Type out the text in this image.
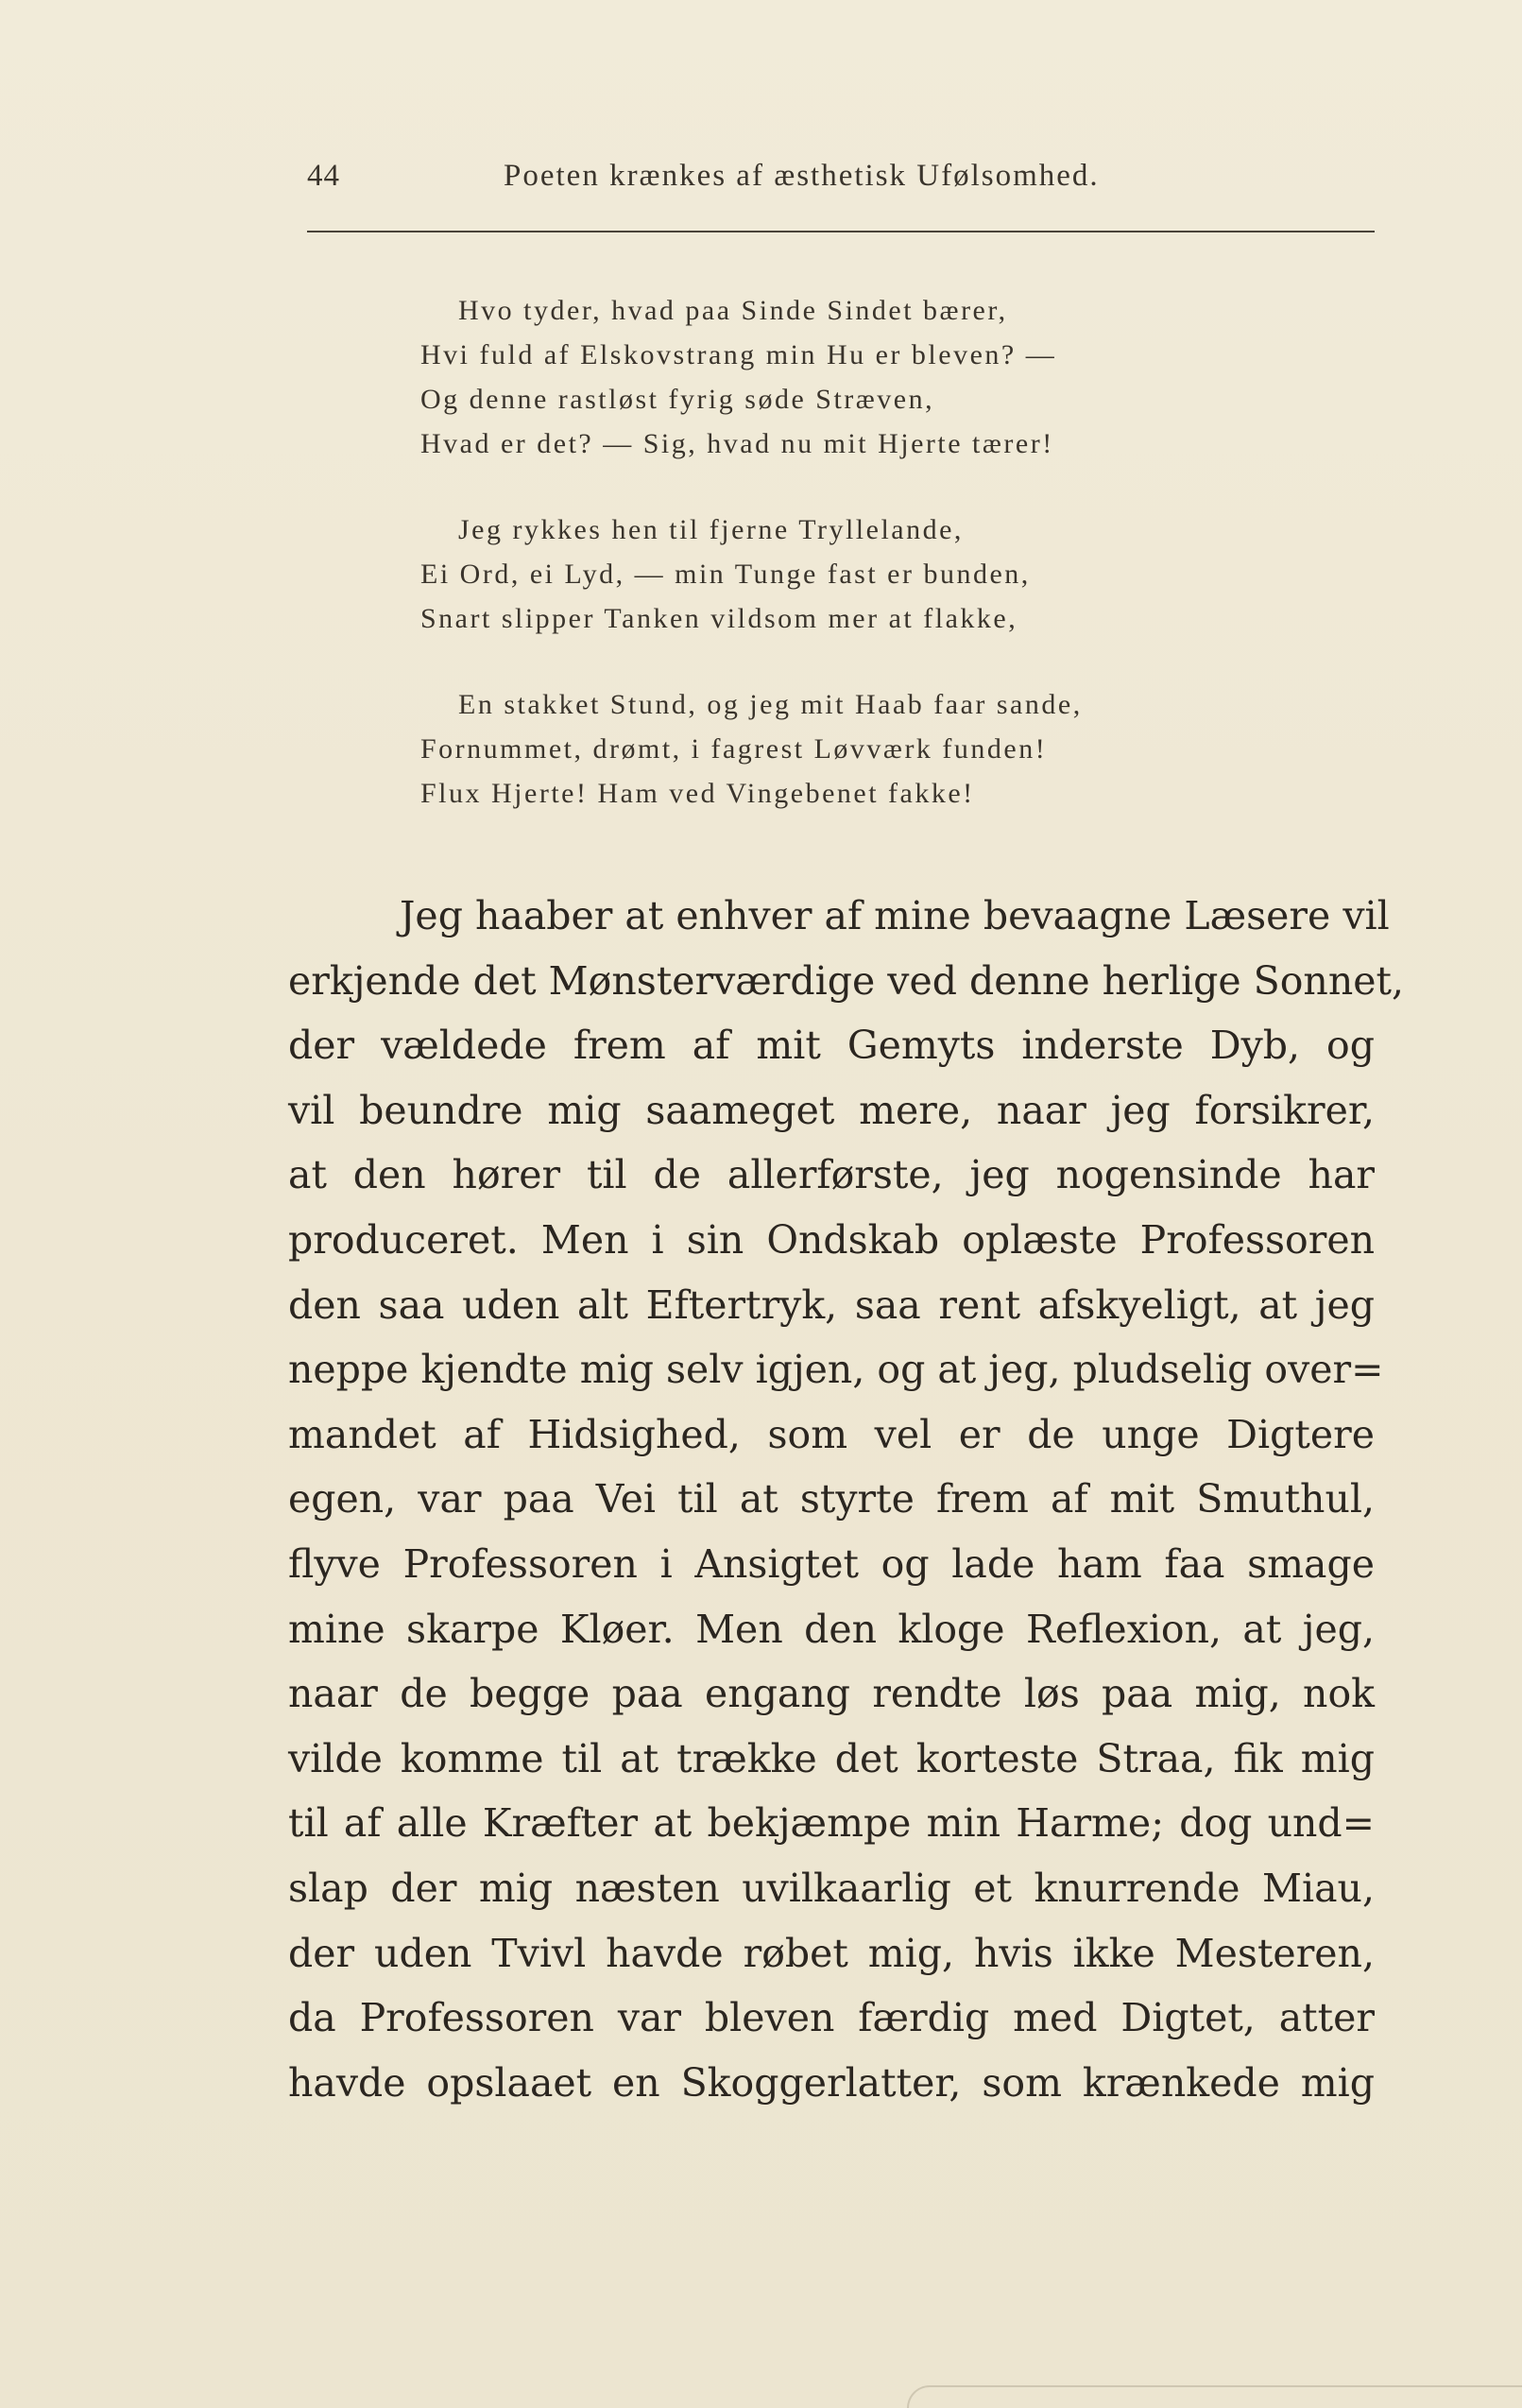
44	Poeten krænkes af æsthetisk Ufølsomhed.
Hvo tyder, hvad paa Sinde Sindet bærer,
Hvi fuld af Elskovstrang min Hu er bleven? —
Og denne rastløst fyrig søde Stræven,
Hvad er det? — Sig, hvad nu mit Hjerte tærer!
Jeg rykkes hen til fjerne Tryllelande,
Ei Ord, ei Lyd, — min Tunge fast er bunden,
Snart slipper Tanken vildsom mer at flakke,
En stakket Stund, og jeg mit Haab faar sande,
Fornummet, drømt, i fagrest Løvværk funden!
Flux Hjerte! Ham ved Vingebenet fakke!
Jeg haaber at enhver af mine bevaagne Læsere vil
erkjende det Mønsterværdige ved denne herlige Sonnet,
der vældede frem af mit Gemyts inderste Dyb, og
vil beundre mig saameget mere, naar jeg forsikrer,
at den hører til de allerførste, jeg nogensinde har
produceret. Men i sin Ondskab oplæste Professoren
den saa uden alt Eftertryk, saa rent afskyeligt, at jeg
neppe kjendte mig selv igjen, og at jeg, pludselig over=
mandet af Hidsighed, som vel er de unge Digtere
egen, var paa Vei til at styrte frem af mit Smuthul,
flyve Professoren i Ansigtet og lade ham faa smage
mine skarpe Kløer. Men den kloge Reflexion, at jeg,
naar de begge paa engang rendte løs paa mig, nok
vilde komme til at trække det korteste Straa, fik mig
til af alle Kræfter at bekjæmpe min Harme; dog und=
slap der mig næsten uvilkaarlig et knurrende Miau,
der uden Tvivl havde røbet mig, hvis ikke Mesteren,
da Professoren var bleven færdig med Digtet, atter
havde opslaaet en Skoggerlatter, som krænkede mig
